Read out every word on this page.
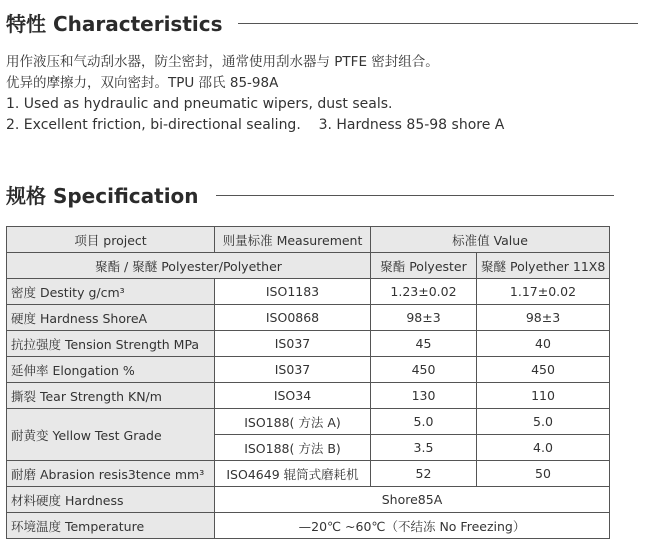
特性 Characteristics
用作液压和气动刮水器，防尘密封，通常使用刮水器与 PTFE 密封组合。
优异的摩擦力，双向密封。TPU 邵氏 85-98A
1. Used as hydraulic and pneumatic wipers, dust seals.
2. Excellent friction, bi-directional sealing.    3. Hardness 85-98 shore A
规格 Specification
项目 project	则量标准 Measurement	标准值 Value	
聚酯 / 聚醚 Polyester/Polyether		聚酯 Polyester	聚醚 Polyether 11X8
密度 Destity g/cm³	ISO1183	1.23±0.02	1.17±0.02
硬度 Hardness ShoreA	ISO0868	98±3	98±3
抗拉强度 Tension Strength MPa	IS037	45	40
延伸率 Elongation %	IS037	450	450
撕裂 Tear Strength KN/m	ISO34	130	110
耐黄变 Yellow Test Grade	ISO188( 方法 A)	5.0	5.0
	ISO188( 方法 B)	3.5	4.0
耐磨 Abrasion resis3tence mm³	ISO4649 辊筒式磨耗机	52	50
材料硬度 Hardness	Shore85A		
环境温度 Temperature	—20℃ ~60℃（不结冻 No Freezing）		
